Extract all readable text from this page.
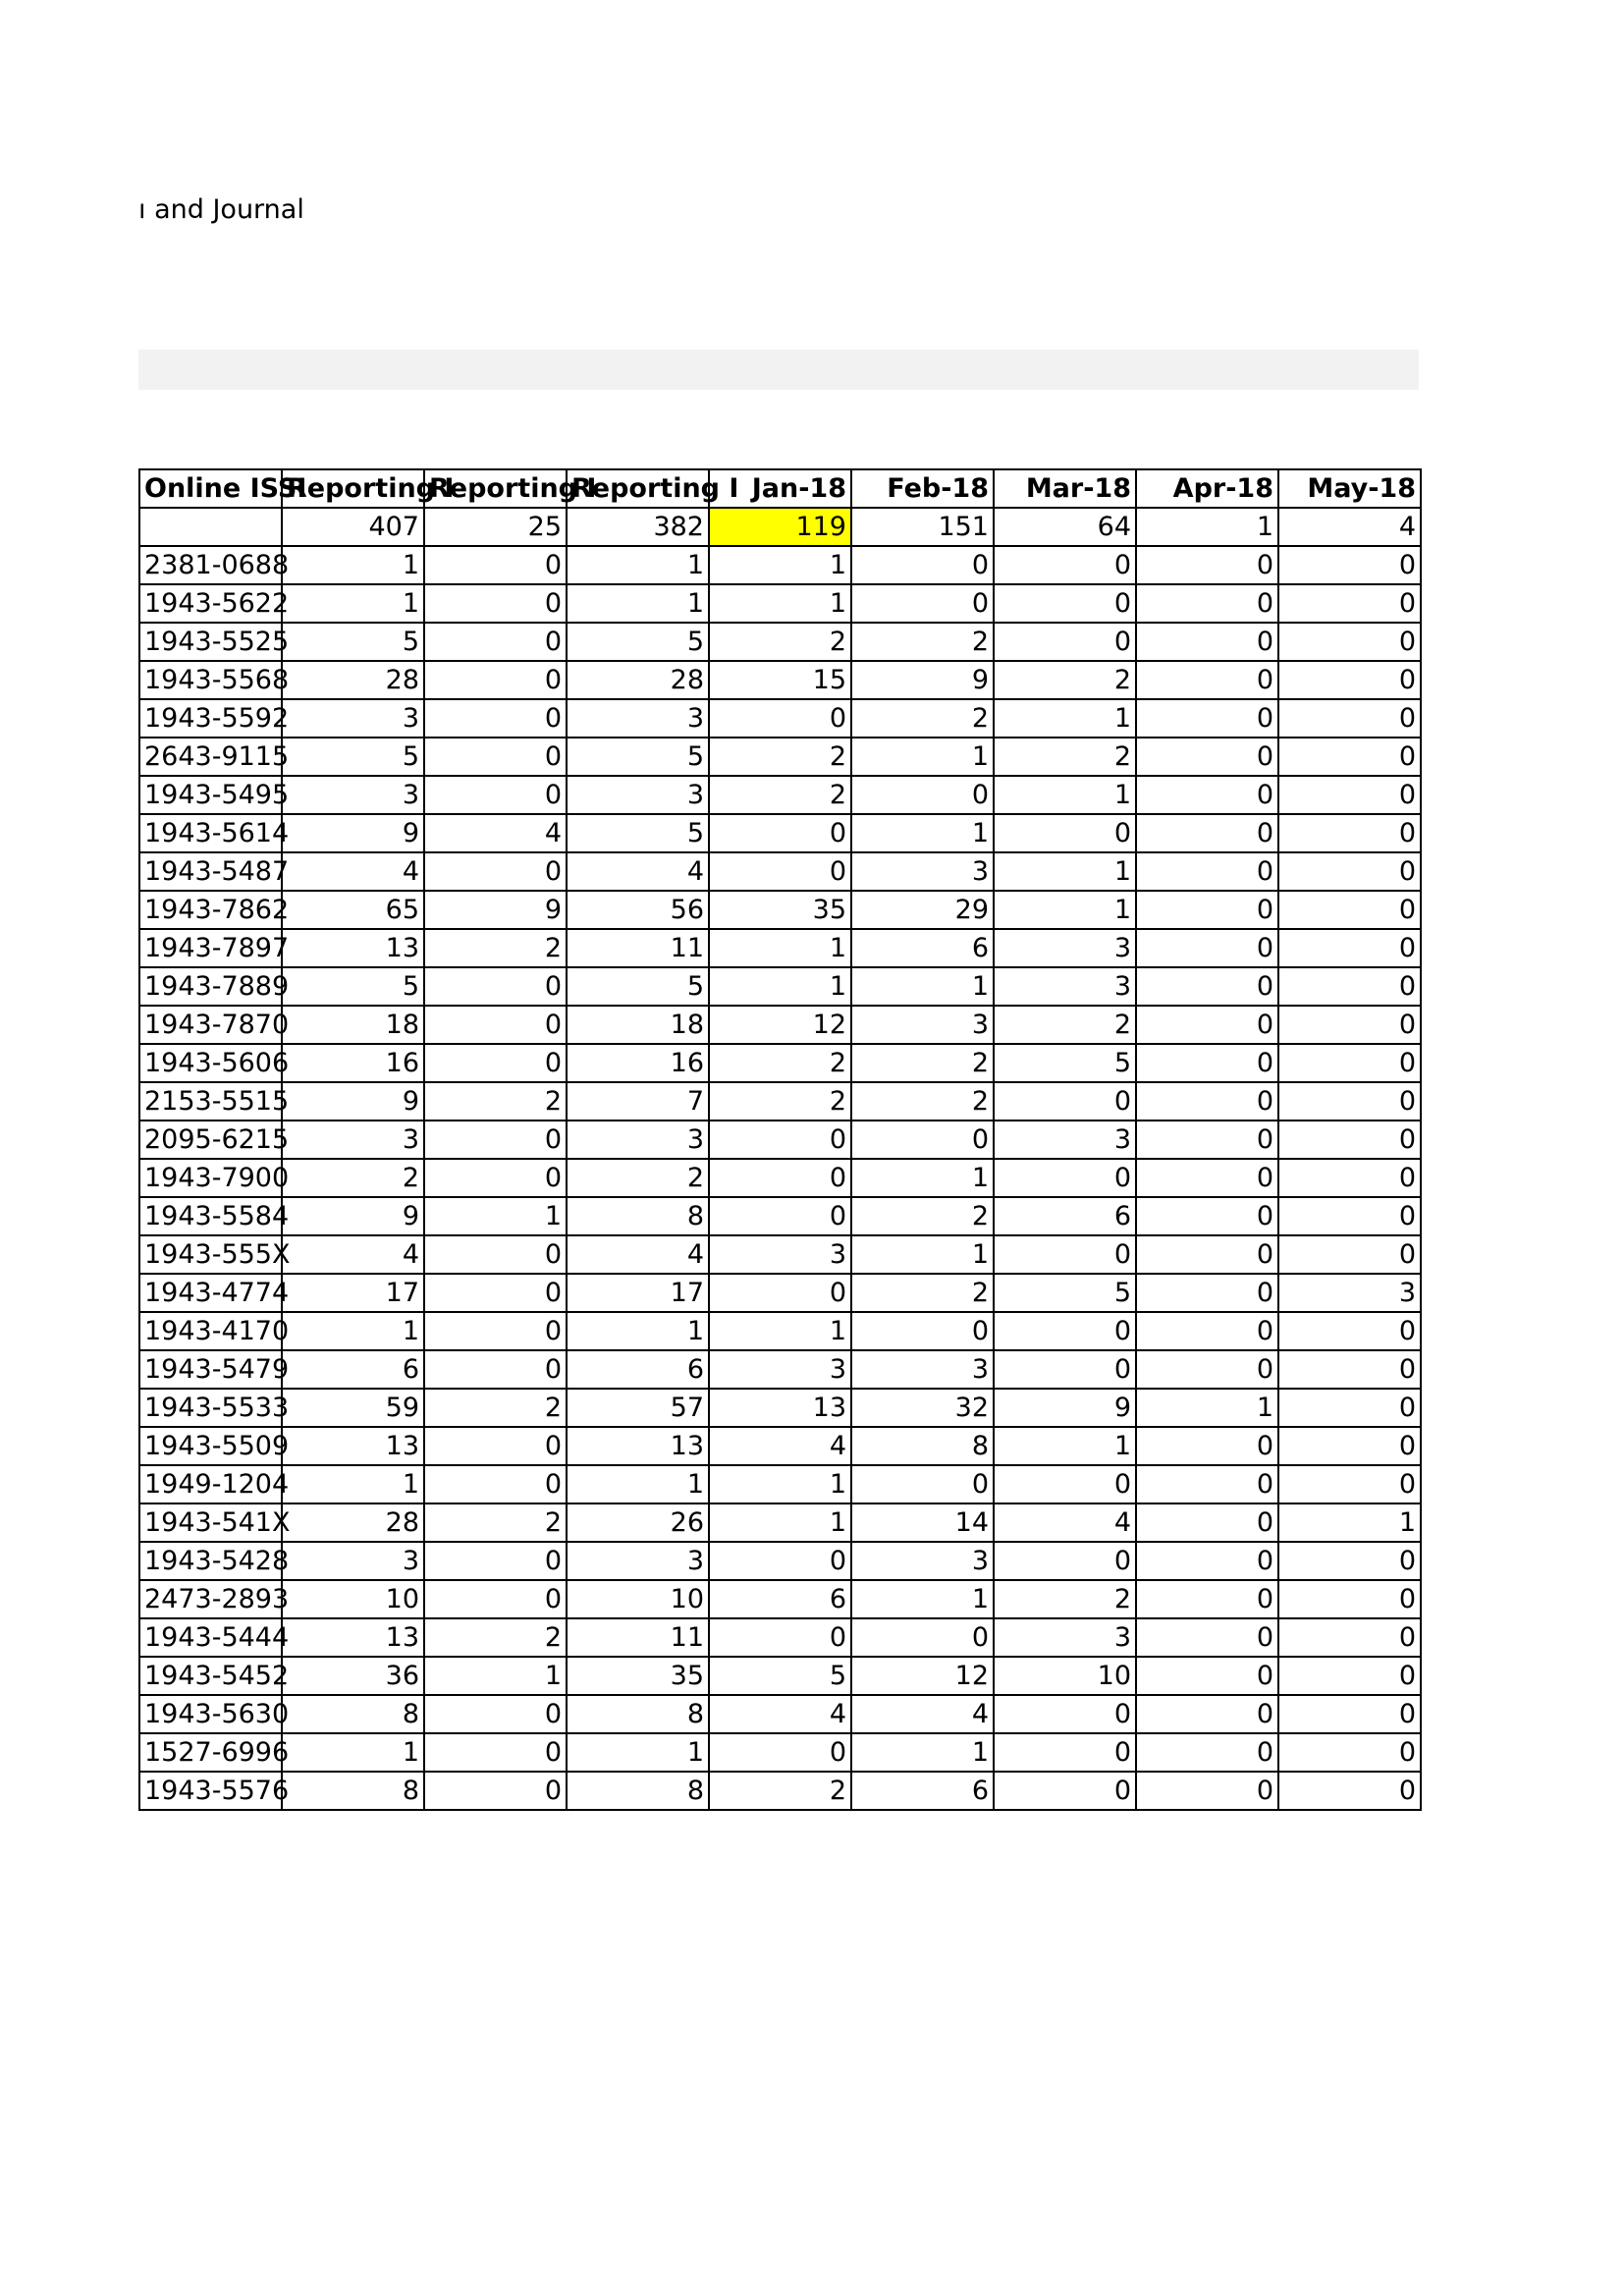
ı and Journal
Online ISSI	Reporting I	Reporting I	Reporting I	Jan-18	Feb-18	Mar-18	Apr-18	May-18
	407	25	382	119	151	64	1	4
2381-0688	1	0	1	1	0	0	0	0
1943-5622	1	0	1	1	0	0	0	0
1943-5525	5	0	5	2	2	0	0	0
1943-5568	28	0	28	15	9	2	0	0
1943-5592	3	0	3	0	2	1	0	0
2643-9115	5	0	5	2	1	2	0	0
1943-5495	3	0	3	2	0	1	0	0
1943-5614	9	4	5	0	1	0	0	0
1943-5487	4	0	4	0	3	1	0	0
1943-7862	65	9	56	35	29	1	0	0
1943-7897	13	2	11	1	6	3	0	0
1943-7889	5	0	5	1	1	3	0	0
1943-7870	18	0	18	12	3	2	0	0
1943-5606	16	0	16	2	2	5	0	0
2153-5515	9	2	7	2	2	0	0	0
2095-6215	3	0	3	0	0	3	0	0
1943-7900	2	0	2	0	1	0	0	0
1943-5584	9	1	8	0	2	6	0	0
1943-555X	4	0	4	3	1	0	0	0
1943-4774	17	0	17	0	2	5	0	3
1943-4170	1	0	1	1	0	0	0	0
1943-5479	6	0	6	3	3	0	0	0
1943-5533	59	2	57	13	32	9	1	0
1943-5509	13	0	13	4	8	1	0	0
1949-1204	1	0	1	1	0	0	0	0
1943-541X	28	2	26	1	14	4	0	1
1943-5428	3	0	3	0	3	0	0	0
2473-2893	10	0	10	6	1	2	0	0
1943-5444	13	2	11	0	0	3	0	0
1943-5452	36	1	35	5	12	10	0	0
1943-5630	8	0	8	4	4	0	0	0
1527-6996	1	0	1	0	1	0	0	0
1943-5576	8	0	8	2	6	0	0	0
